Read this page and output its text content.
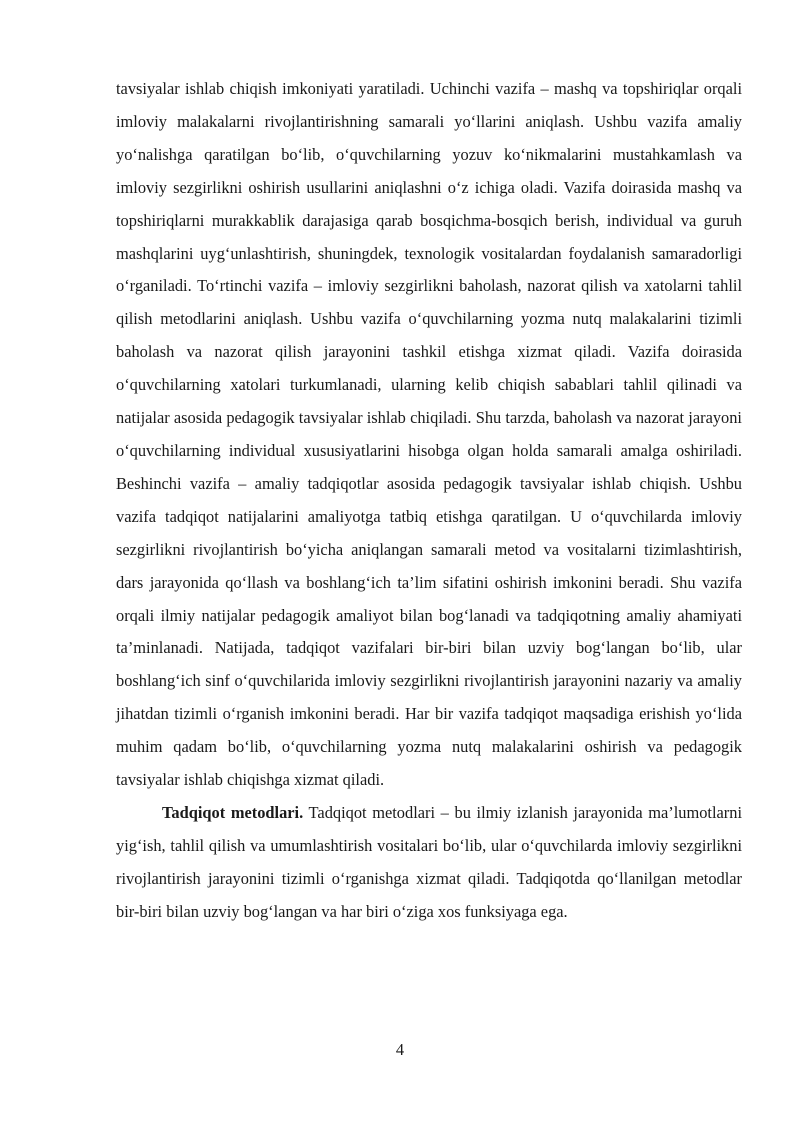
tavsiyalar ishlab chiqish imkoniyati yaratiladi. Uchinchi vazifa – mashq va topshiriqlar orqali imloviy malakalarni rivojlantirishning samarali yo‘llarini aniqlash. Ushbu vazifa amaliy yo‘nalishga qaratilgan bo‘lib, o‘quvchilarning yozuv ko‘nikmalarini mustahkamlash va imloviy sezgirlikni oshirish usullarini aniqlashni o‘z ichiga oladi. Vazifa doirasida mashq va topshiriqlarni murakkablik darajasiga qarab bosqichma-bosqich berish, individual va guruh mashqlarini uyg‘unlashtirish, shuningdek, texnologik vositalardan foydalanish samaradorligi o‘rganiladi. To‘rtinchi vazifa – imloviy sezgirlikni baholash, nazorat qilish va xatolarni tahlil qilish metodlarini aniqlash. Ushbu vazifa o‘quvchilarning yozma nutq malakalarini tizimli baholash va nazorat qilish jarayonini tashkil etishga xizmat qiladi. Vazifa doirasida o‘quvchilarning xatolari turkumlanadi, ularning kelib chiqish sabablari tahlil qilinadi va natijalar asosida pedagogik tavsiyalar ishlab chiqiladi. Shu tarzda, baholash va nazorat jarayoni o‘quvchilarning individual xususiyatlarini hisobga olgan holda samarali amalga oshiriladi. Beshinchi vazifa – amaliy tadqiqotlar asosida pedagogik tavsiyalar ishlab chiqish. Ushbu vazifa tadqiqot natijalarini amaliyotga tatbiq etishga qaratilgan. U o‘quvchilarda imloviy sezgirlikni rivojlantirish bo‘yicha aniqlangan samarali metod va vositalarni tizimlashtirish, dars jarayonida qo‘llash va boshlang‘ich ta’lim sifatini oshirish imkonini beradi. Shu vazifa orqali ilmiy natijalar pedagogik amaliyot bilan bog‘lanadi va tadqiqotning amaliy ahamiyati ta’minlanadi. Natijada, tadqiqot vazifalari bir-biri bilan uzviy bog‘langan bo‘lib, ular boshlang‘ich sinf o‘quvchilarida imloviy sezgirlikni rivojlantirish jarayonini nazariy va amaliy jihatdan tizimli o‘rganish imkonini beradi. Har bir vazifa tadqiqot maqsadiga erishish yo‘lida muhim qadam bo‘lib, o‘quvchilarning yozma nutq malakalarini oshirish va pedagogik tavsiyalar ishlab chiqishga xizmat qiladi.

Tadqiqot metodlari. Tadqiqot metodlari – bu ilmiy izlanish jarayonida ma’lumotlarni yig‘ish, tahlil qilish va umumlashtirish vositalari bo‘lib, ular o‘quvchilarda imloviy sezgirlikni rivojlantirish jarayonini tizimli o‘rganishga xizmat qiladi. Tadqiqotda qo‘llanilgan metodlar bir-biri bilan uzviy bog‘langan va har biri o‘ziga xos funksiyaga ega.

4
